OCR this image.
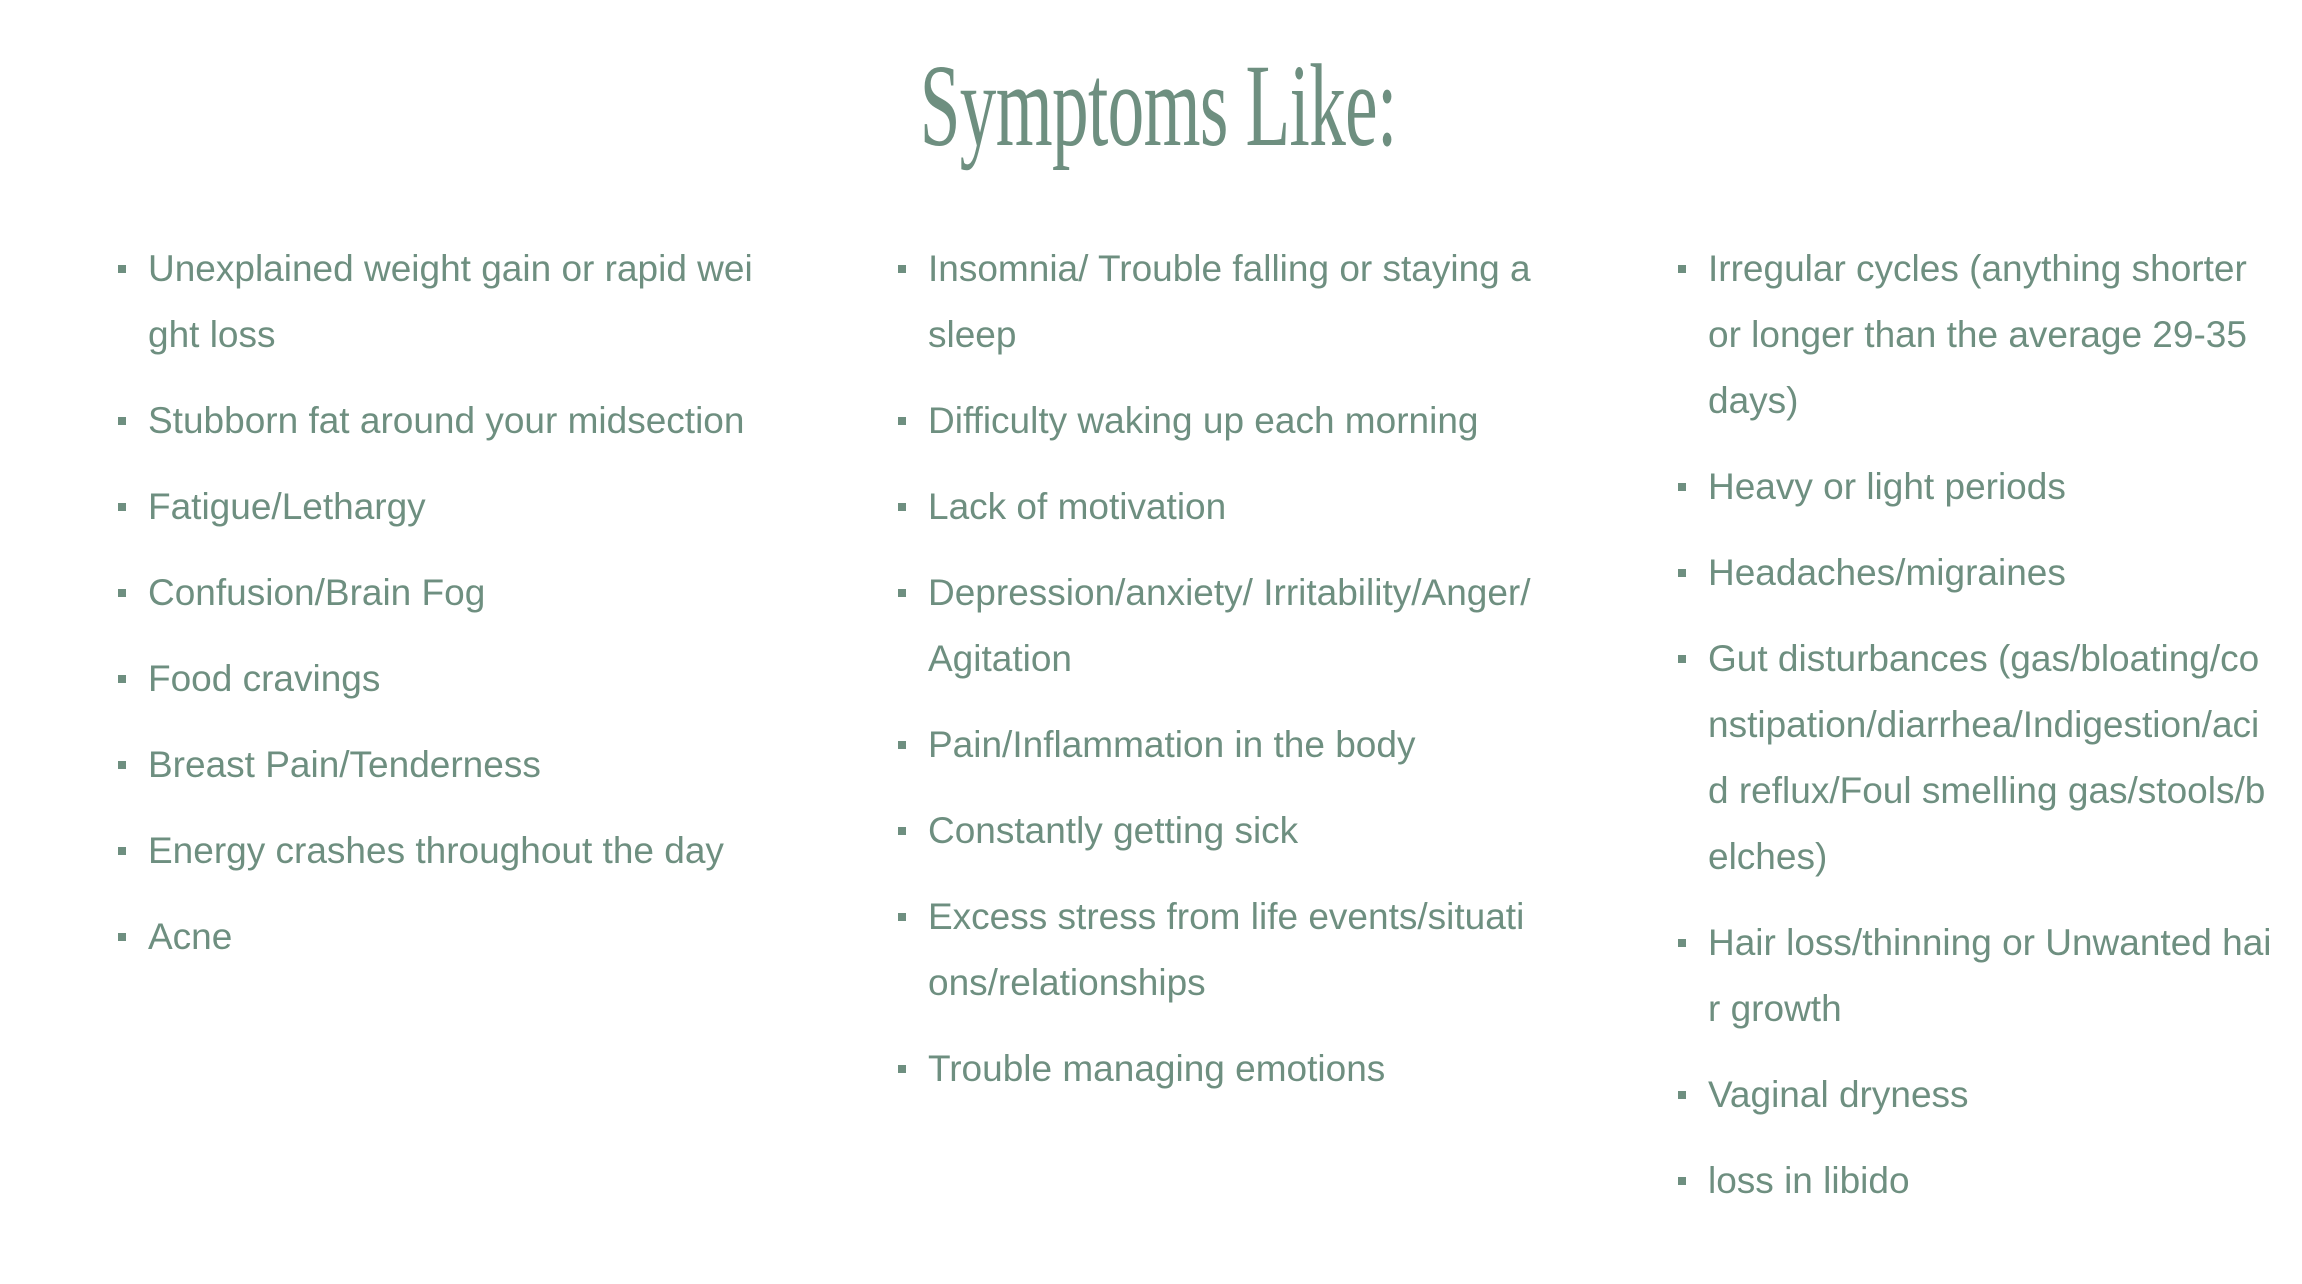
Symptoms Like:
Unexplained weight gain or rapid weight loss
Stubborn fat around your midsection
Fatigue/Lethargy
Confusion/Brain Fog
Food cravings
Breast Pain/Tenderness
Energy crashes throughout the day
Acne
Insomnia/ Trouble falling or staying asleep
Difficulty waking up each morning
Lack of motivation
Depression/anxiety/ Irritability/Anger/Agitation
Pain/Inflammation in the body
Constantly getting sick
Excess stress from life events/situations/relationships
Trouble managing emotions
Irregular cycles (anything shorter or longer than the average 29-35 days)
Heavy or light periods
Headaches/migraines
Gut disturbances (gas/bloating/constipation/diarrhea/Indigestion/acid reflux/Foul smelling gas/stools/belches)
Hair loss/thinning or Unwanted hair growth
Vaginal dryness
loss in libido
